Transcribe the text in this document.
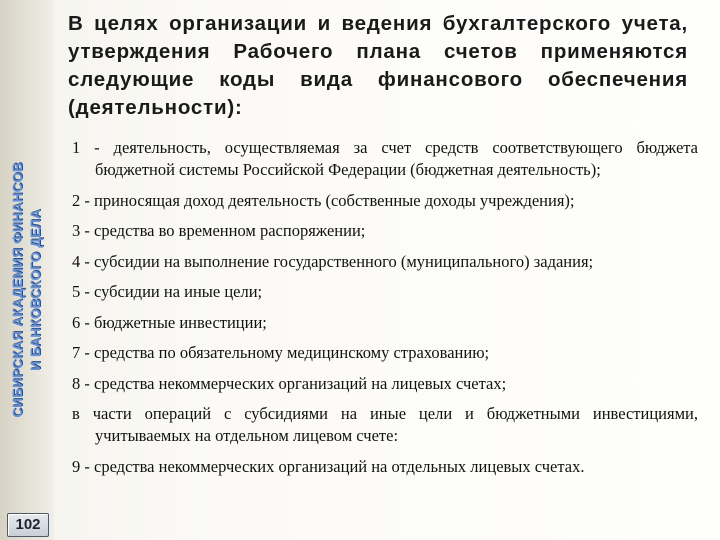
СИБИРСКАЯ АКАДЕМИЯ ФИНАНСОВ И БАНКОВСКОГО ДЕЛА
102
В целях организации и ведения бухгалтерского учета, утверждения Рабочего плана счетов применяются следующие коды вида финансового обеспечения (деятельности):
1 - деятельность, осуществляемая за счет средств соответствующего бюджета бюджетной системы Российской Федерации (бюджетная деятельность);
2 - приносящая доход деятельность (собственные доходы учреждения);
3 - средства во временном распоряжении;
4 - субсидии на выполнение государственного (муниципального) задания;
5 - субсидии на иные цели;
6 - бюджетные инвестиции;
7 - средства по обязательному медицинскому страхованию;
8 - средства некоммерческих организаций на лицевых счетах;
в части операций с субсидиями на иные цели и бюджетными инвестициями, учитываемых на отдельном лицевом счете:
9 - средства некоммерческих организаций на отдельных лицевых счетах.
